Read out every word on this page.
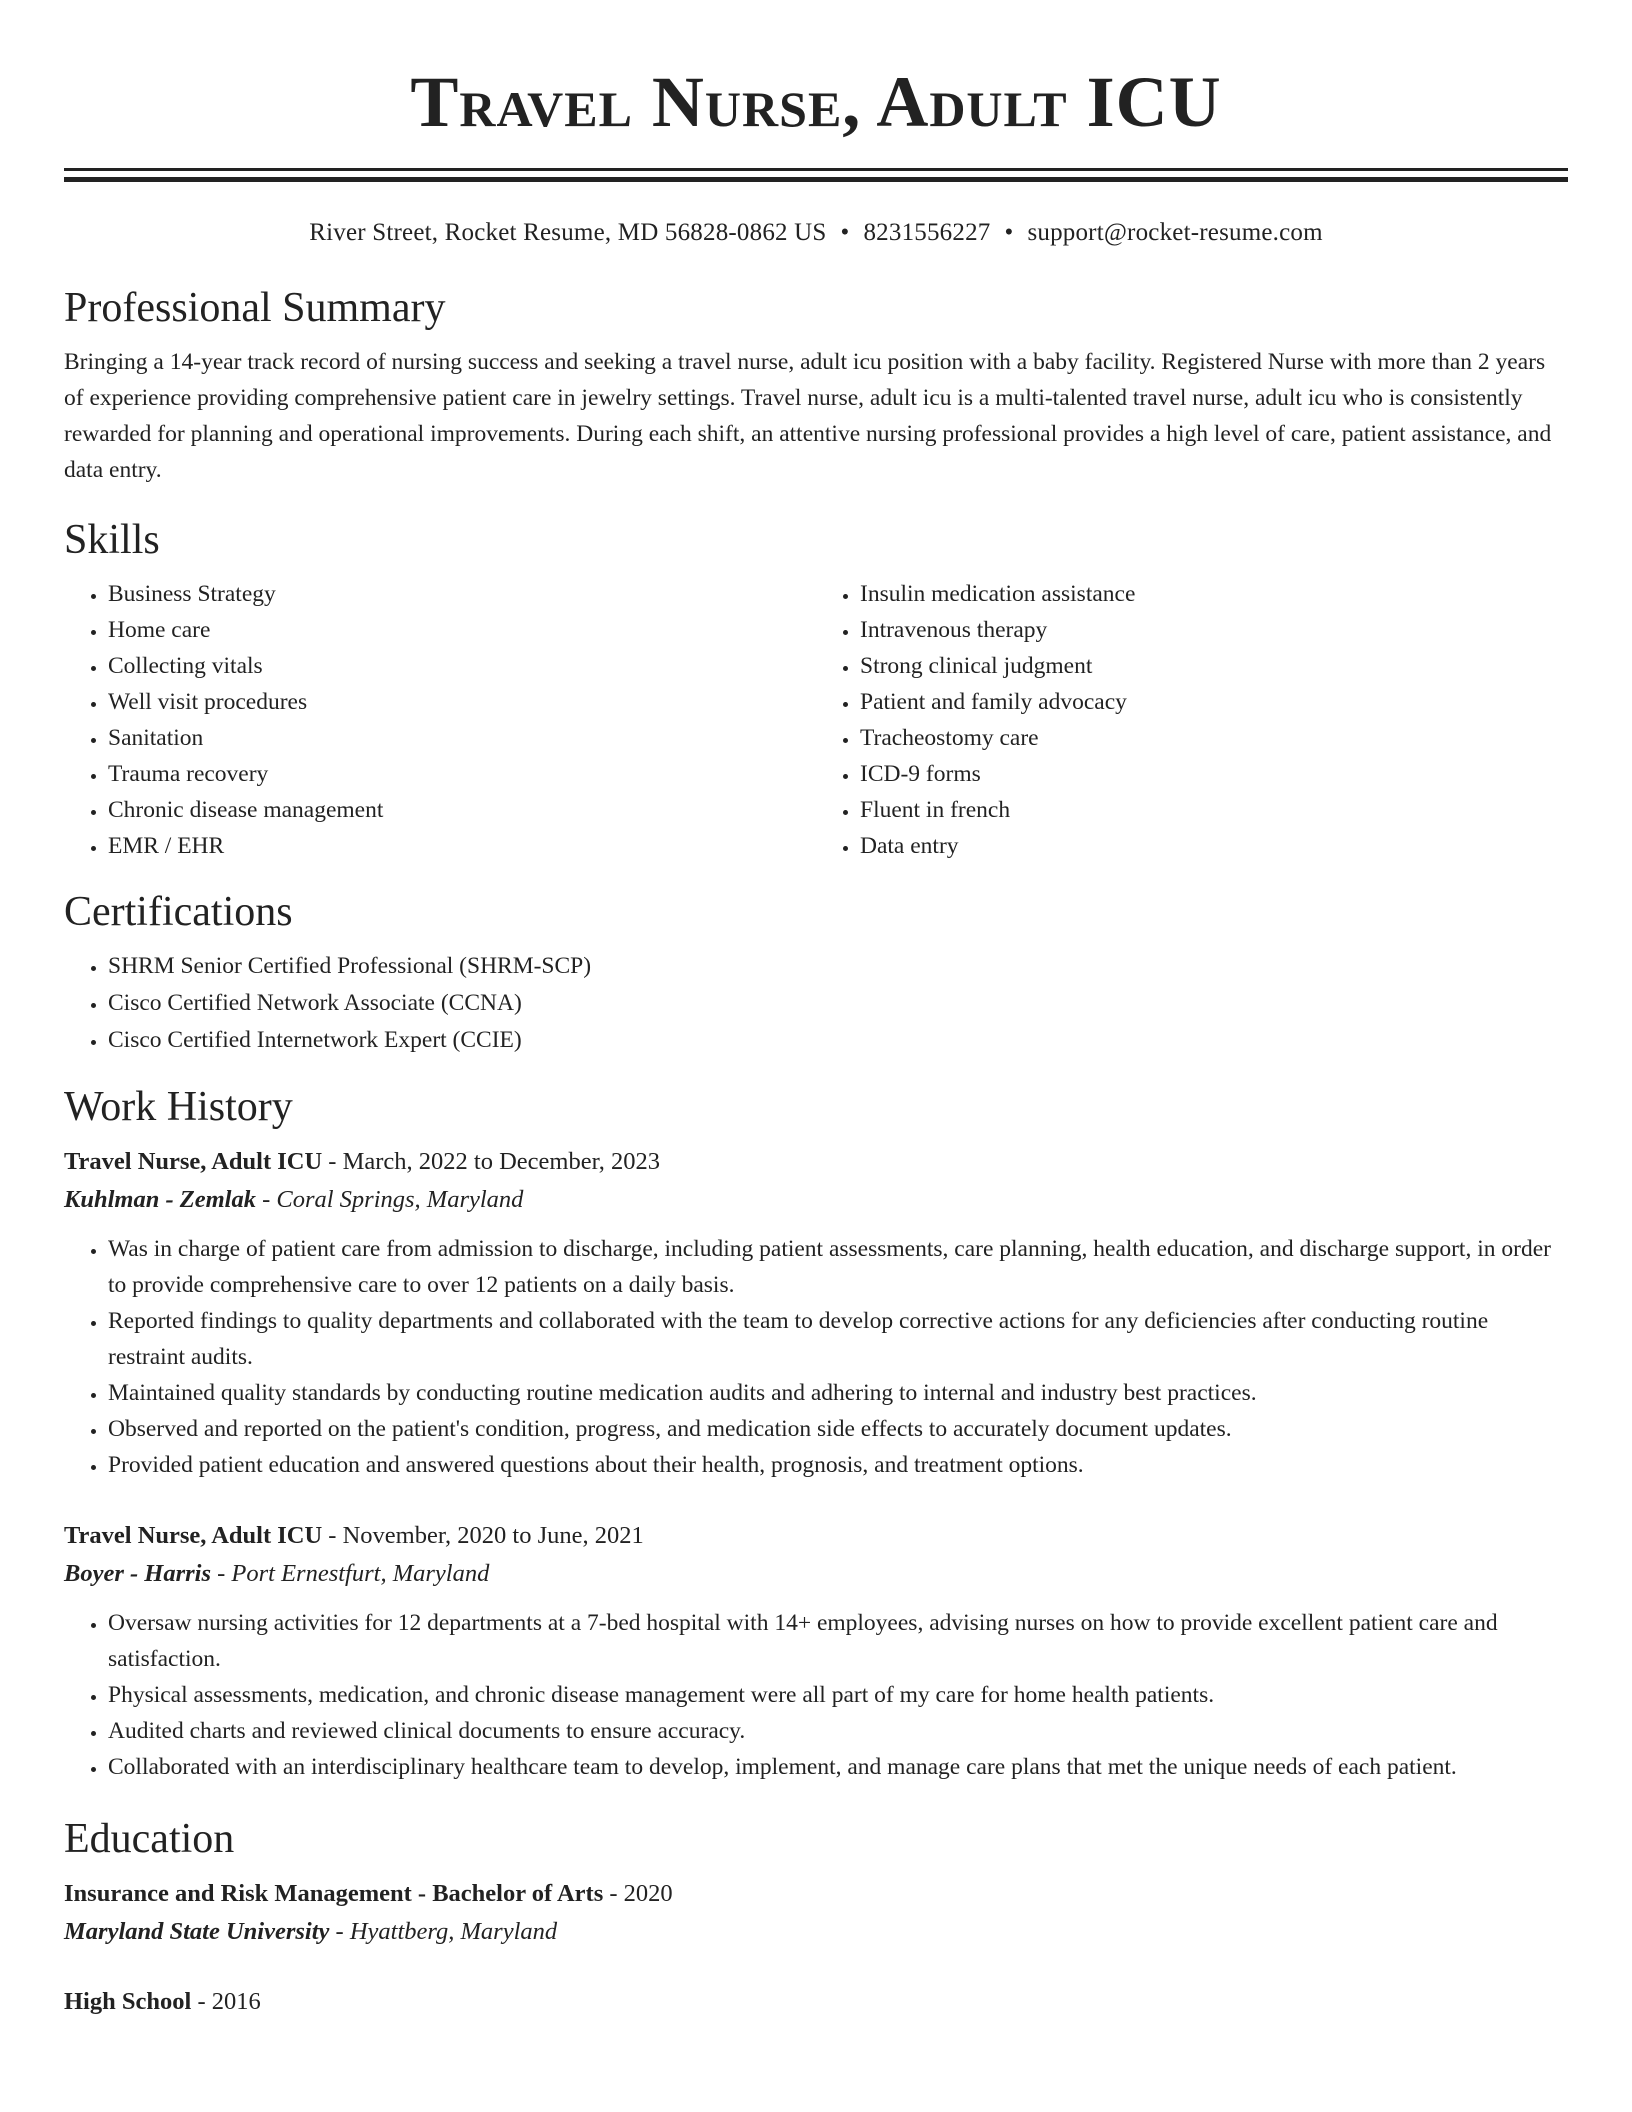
Travel Nurse, Adult ICU
River Street, Rocket Resume, MD 56828-0862 US • 8231556227 • support@rocket-resume.com
Professional Summary

Bringing a 14-year track record of nursing success and seeking a travel nurse, adult icu position with a baby facility. Registered Nurse with more than 2 years of experience providing comprehensive patient care in jewelry settings. Travel nurse, adult icu is a multi-talented travel nurse, adult icu who is consistently rewarded for planning and operational improvements. During each shift, an attentive nursing professional provides a high level of care, patient assistance, and data entry.

Skills
• Business Strategy
• Home care
• Collecting vitals
• Well visit procedures
• Sanitation
• Trauma recovery
• Chronic disease management
• EMR / EHR
• Insulin medication assistance
• Intravenous therapy
• Strong clinical judgment
• Patient and family advocacy
• Tracheostomy care
• ICD-9 forms
• Fluent in french
• Data entry
Certifications
• SHRM Senior Certified Professional (SHRM-SCP)
• Cisco Certified Network Associate (CCNA)
• Cisco Certified Internetwork Expert (CCIE)
Work History
Travel Nurse, Adult ICU - March, 2022 to December, 2023
Kuhlman - Zemlak - Coral Springs, Maryland
• Was in charge of patient care from admission to discharge, including patient assessments, care planning, health education, and discharge support, in order to provide comprehensive care to over 12 patients on a daily basis.
• Reported findings to quality departments and collaborated with the team to develop corrective actions for any deficiencies after conducting routine restraint audits.
• Maintained quality standards by conducting routine medication audits and adhering to internal and industry best practices.
• Observed and reported on the patient's condition, progress, and medication side effects to accurately document updates.
• Provided patient education and answered questions about their health, prognosis, and treatment options.
Travel Nurse, Adult ICU - November, 2020 to June, 2021
Boyer - Harris - Port Ernestfurt, Maryland
• Oversaw nursing activities for 12 departments at a 7-bed hospital with 14+ employees, advising nurses on how to provide excellent patient care and satisfaction.
• Physical assessments, medication, and chronic disease management were all part of my care for home health patients.
• Audited charts and reviewed clinical documents to ensure accuracy.
• Collaborated with an interdisciplinary healthcare team to develop, implement, and manage care plans that met the unique needs of each patient.
Education
Insurance and Risk Management - Bachelor of Arts - 2020
Maryland State University - Hyattberg, Maryland
High School - 2016
